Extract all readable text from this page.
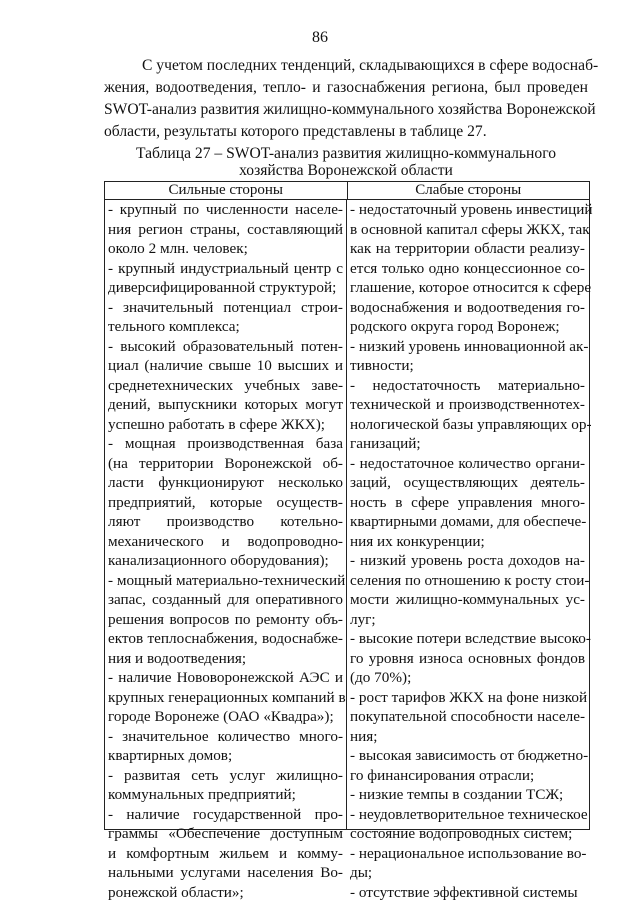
86
С учетом последних тенденций, складывающихся в сфере водоснаб-
жения, водоотведения, тепло- и газоснабжения региона, был проведен
SWOT-анализ развития жилищно-коммунального хозяйства Воронежской
области, результаты которого представлены в таблице 27.
Таблица 27 – SWOT-анализ развития жилищно-коммунального
хозяйства Воронежской области
Сильные стороны	Слабые стороны
- крупный по численности населе-
ния регион страны, составляющий
около 2 млн. человек;
- крупный индустриальный центр с
диверсифицированной структурой;
- значительный потенциал строи-
тельного комплекса;
- высокий образовательный потен-
циал (наличие свыше 10 высших и
среднетехнических учебных заве-
дений, выпускники которых могут
успешно работать в сфере ЖКХ);
- мощная производственная база
(на территории Воронежской об-
ласти функционируют несколько
предприятий, которые осуществ-
ляют производство котельно-
механического и водопроводно-
канализационного оборудования);
- мощный материально-технический
запас, созданный для оперативного
решения вопросов по ремонту объ-
ектов теплоснабжения, водоснабже-
ния и водоотведения;
- наличие Нововоронежской АЭС и
крупных генерационных компаний в
городе Воронеже (ОАО «Квадра»);
- значительное количество много-
квартирных домов;
- развитая сеть услуг жилищно-
коммунальных предприятий;
- наличие государственной про-
граммы «Обеспечение доступным
и комфортным жильем и комму-
нальными услугами населения Во-
ронежской области»;
- недостаточный уровень инвестиций
в основной капитал сферы ЖКХ, так
как на территории области реализу-
ется только одно концессионное со-
глашение, которое относится к сфере
водоснабжения и водоотведения го-
родского округа город Воронеж;
- низкий уровень инновационной ак-
тивности;
- недостаточность материально-
технической и производственнотех-
нологической базы управляющих ор-
ганизаций;
- недостаточное количество органи-
заций, осуществляющих деятель-
ность в сфере управления много-
квартирными домами, для обеспече-
ния их конкуренции;
- низкий уровень роста доходов на-
селения по отношению к росту стои-
мости жилищно-коммунальных ус-
луг;
- высокие потери вследствие высоко-
го уровня износа основных фондов
(до 70%);
- рост тарифов ЖКХ на фоне низкой
покупательной способности населе-
ния;
- высокая зависимость от бюджетно-
го финансирования отрасли;
- низкие темпы в создании ТСЖ;
- неудовлетворительное техническое
состояние водопроводных систем;
- нерациональное использование во-
ды;
- отсутствие эффективной системы
